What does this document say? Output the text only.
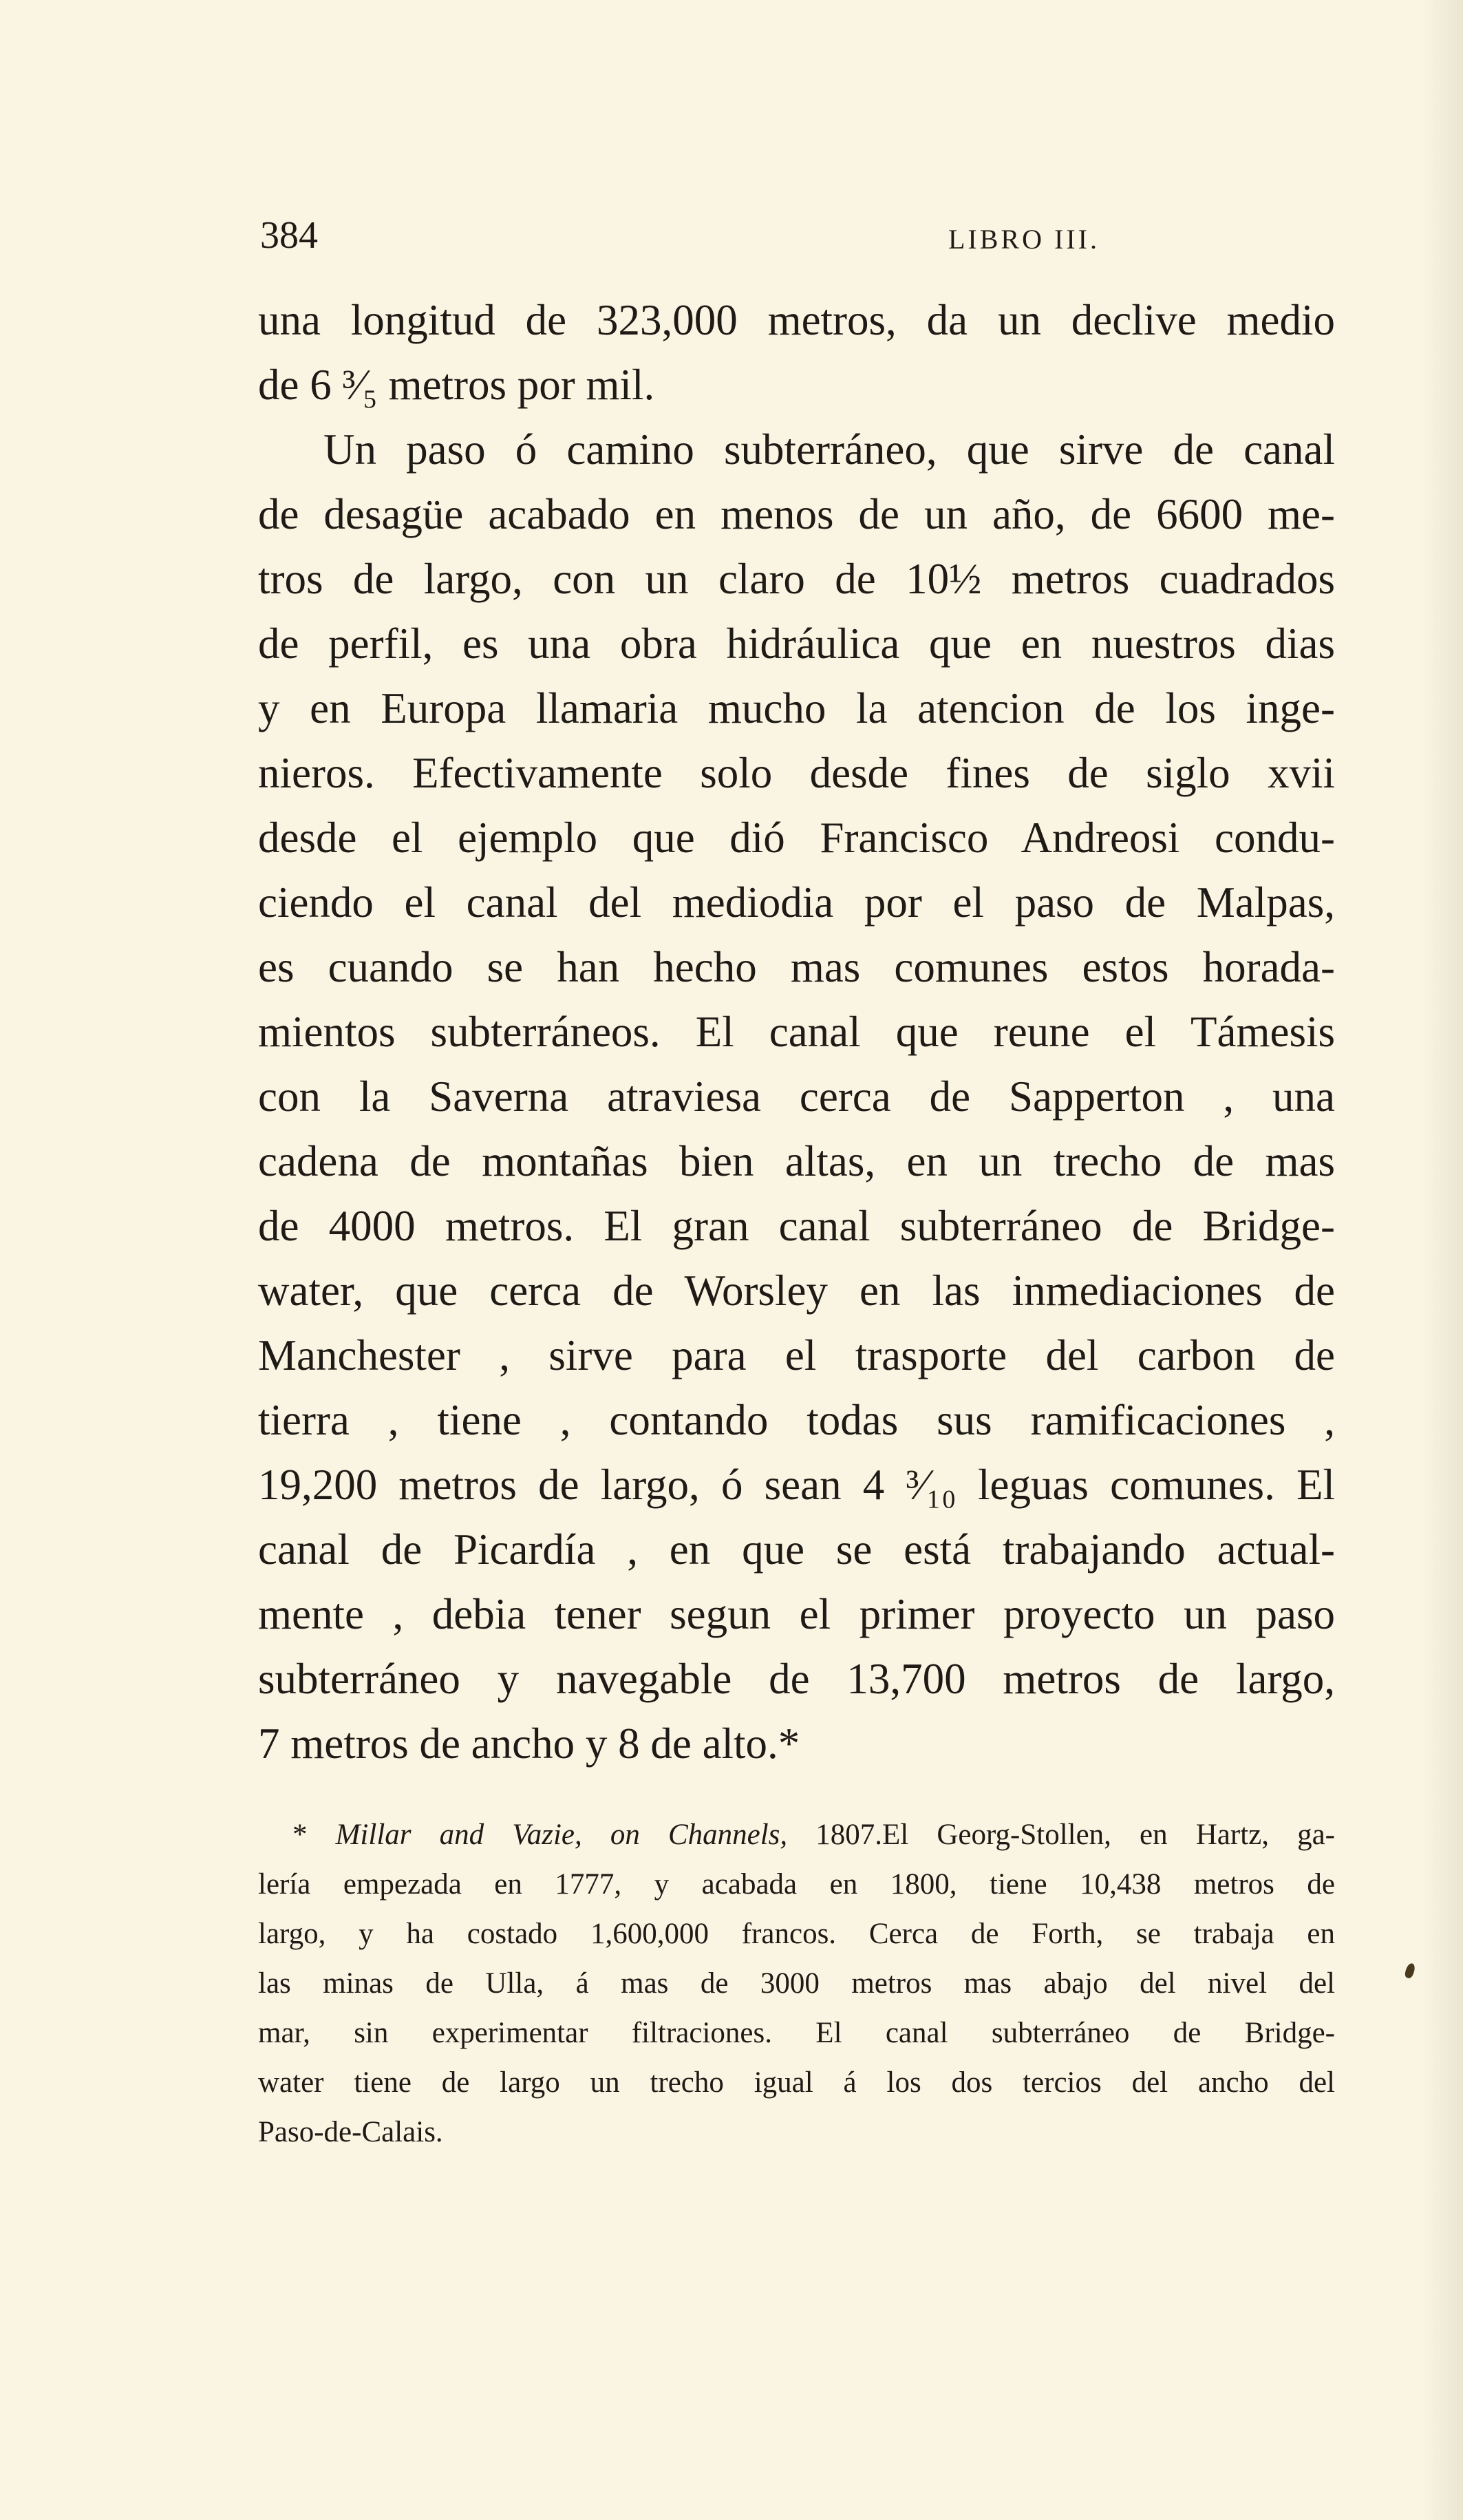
384	LIBRO III.
una longitud de 323,000 metros, da un declive medio
de 6 ³⁄₅ metros por mil.
Un paso ó camino subterráneo, que sirve de canal
de desagüe acabado en menos de un año, de 6600 me-
tros de largo, con un claro de 10½ metros cuadrados
de perfil, es una obra hidráulica que en nuestros dias
y en Europa llamaria mucho la atencion de los inge-
nieros. Efectivamente solo desde fines de siglo xvii
desde el ejemplo que dió Francisco Andreosi condu-
ciendo el canal del mediodia por el paso de Malpas,
es cuando se han hecho mas comunes estos horada-
mientos subterráneos. El canal que reune el Támesis
con la Saverna atraviesa cerca de Sapperton , una
cadena de montañas bien altas, en un trecho de mas
de 4000 metros. El gran canal subterráneo de Bridge-
water, que cerca de Worsley en las inmediaciones de
Manchester , sirve para el trasporte del carbon de
tierra , tiene , contando todas sus ramificaciones ,
19,200 metros de largo, ó sean 4 ³⁄₁₀ leguas comunes. El
canal de Picardía , en que se está trabajando actual-
mente , debia tener segun el primer proyecto un paso
subterráneo y navegable de 13,700 metros de largo,
7 metros de ancho y 8 de alto.*
* Millar and Vazie, on Channels, 1807.El Georg-Stollen, en Hartz, ga-
lería empezada en 1777, y acabada en 1800, tiene 10,438 metros de
largo, y ha costado 1,600,000 francos. Cerca de Forth, se trabaja en
las minas de Ulla, á mas de 3000 metros mas abajo del nivel del
mar, sin experimentar filtraciones. El canal subterráneo de Bridge-
water tiene de largo un trecho igual á los dos tercios del ancho del
Paso-de-Calais.
